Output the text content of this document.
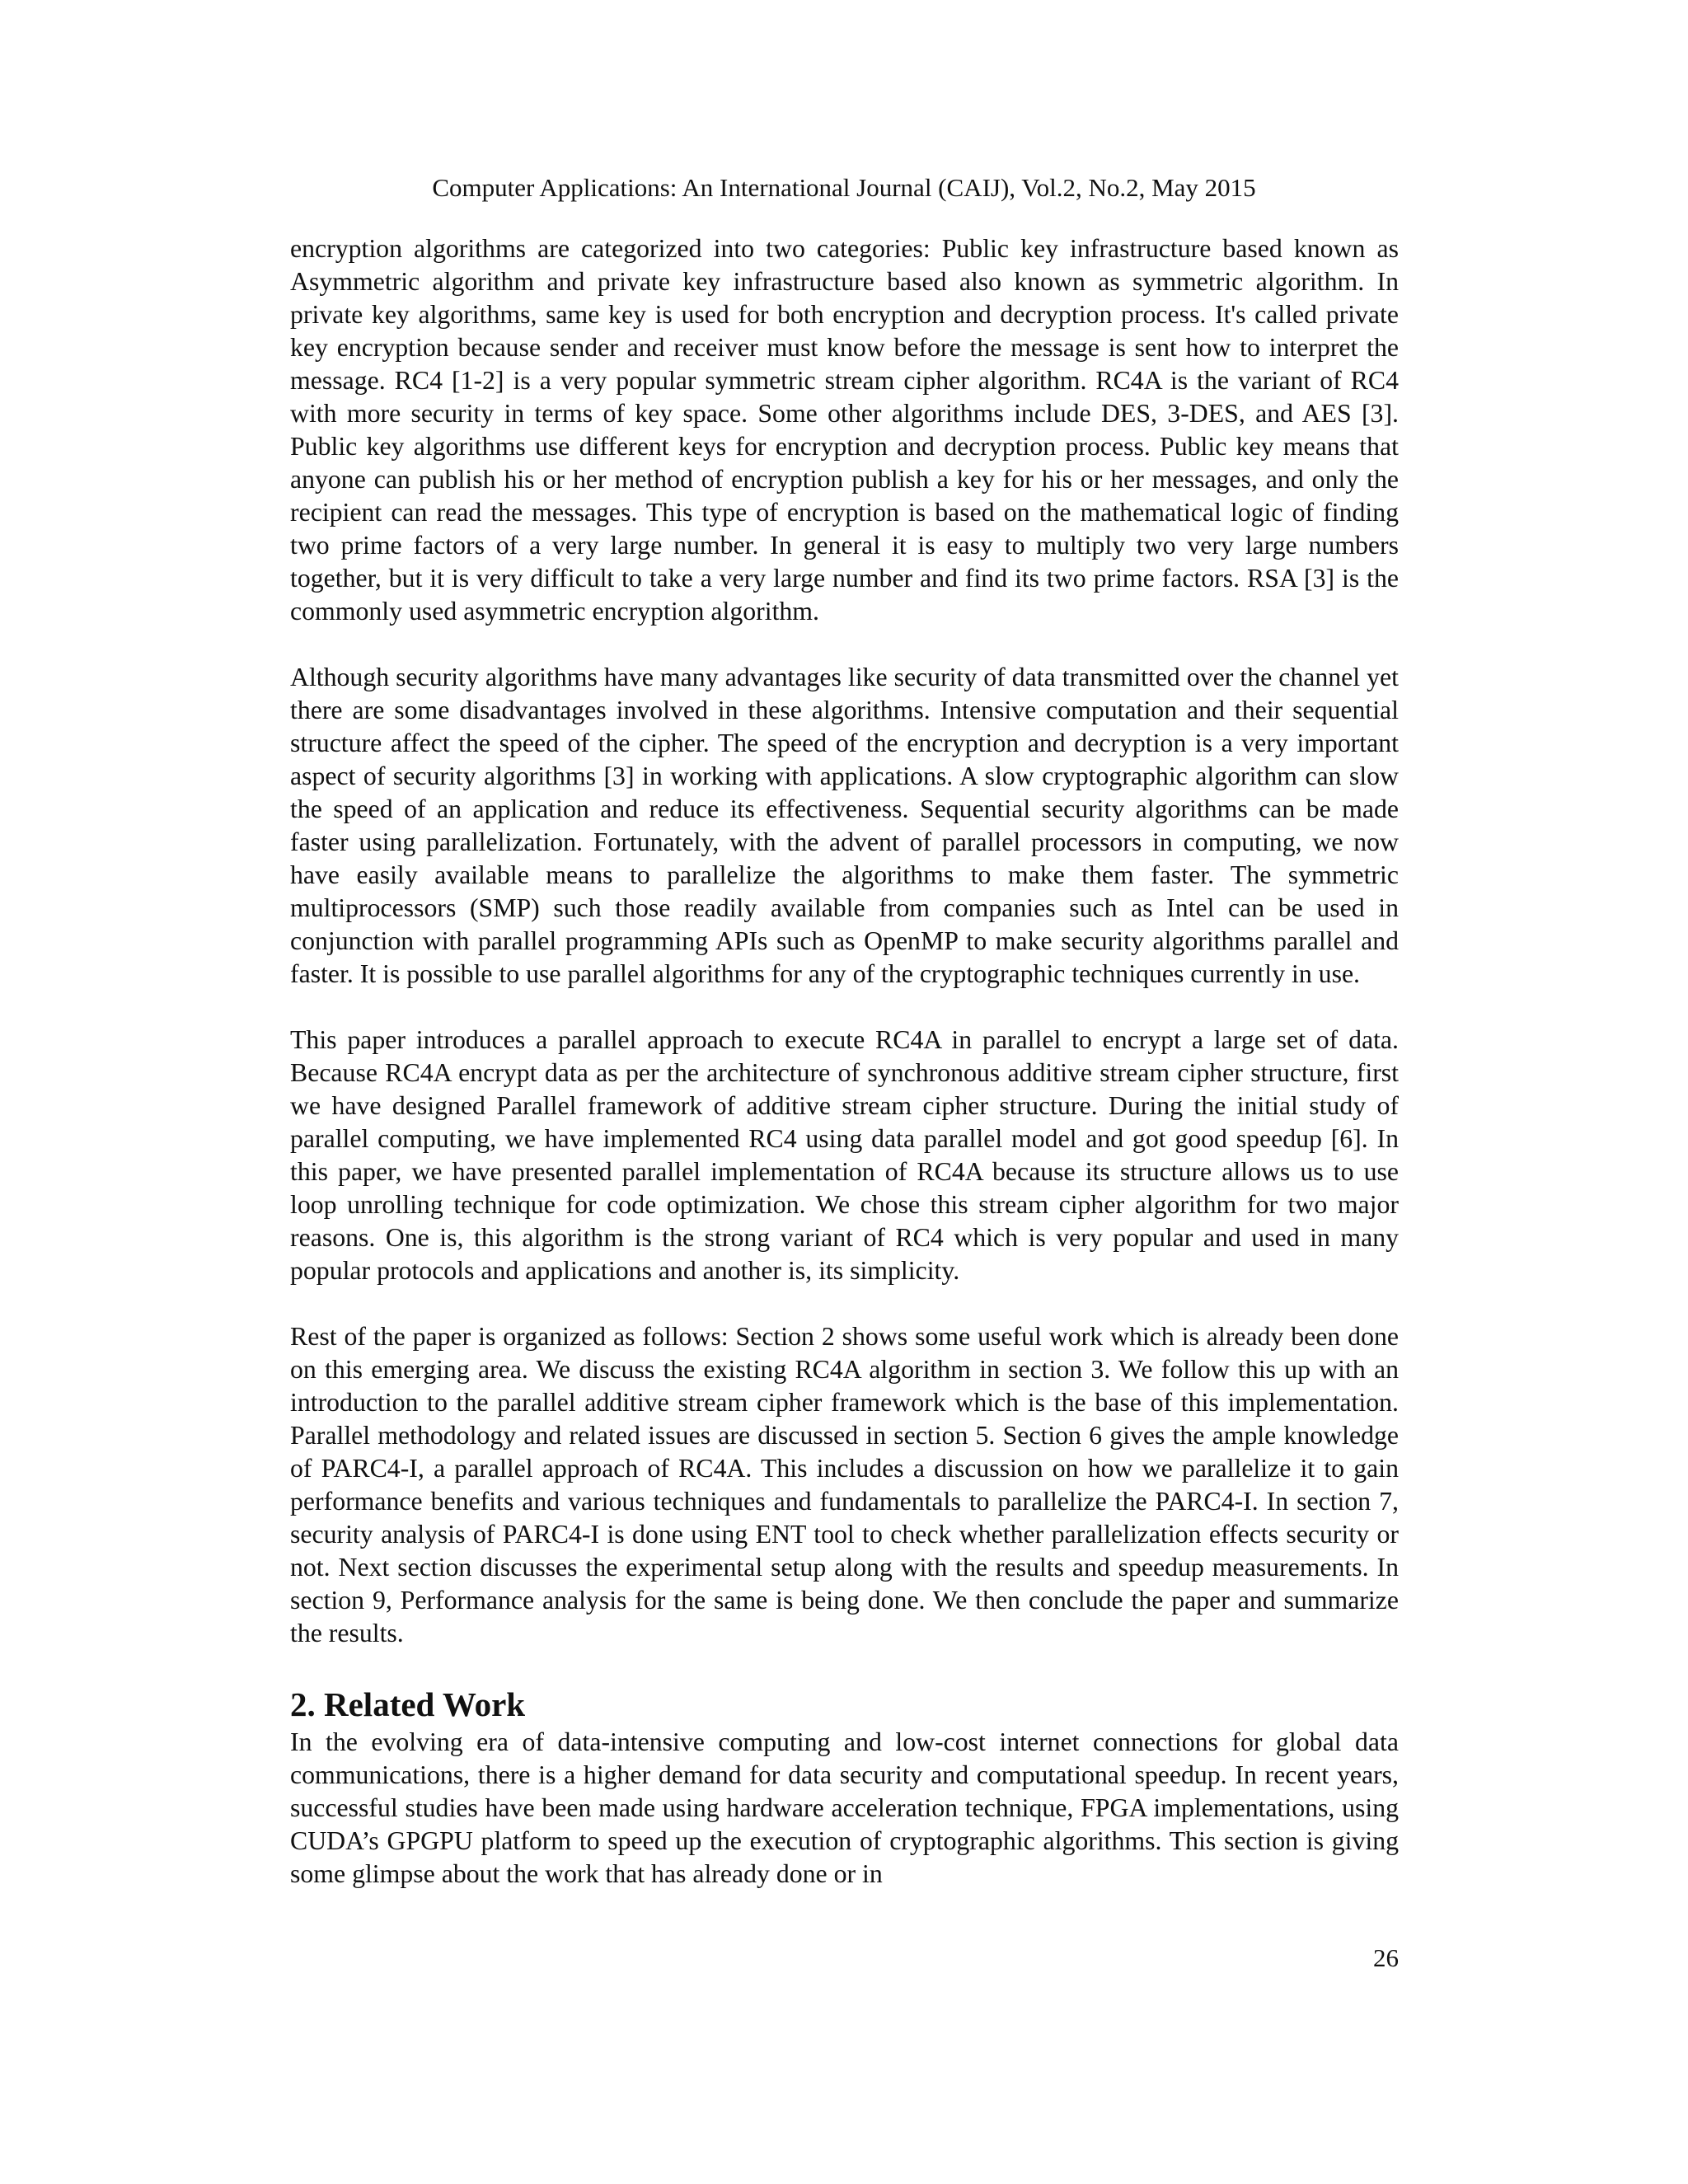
Computer Applications: An International Journal (CAIJ), Vol.2, No.2, May 2015

encryption algorithms are categorized into two categories: Public key infrastructure based known as Asymmetric algorithm and private key infrastructure based also known as symmetric algorithm. In private key algorithms, same key is used for both encryption and decryption process. It's called private key encryption because sender and receiver must know before the message is sent how to interpret the message. RC4 [1-2] is a very popular symmetric stream cipher algorithm. RC4A is the variant of RC4 with more security in terms of key space. Some other algorithms include DES, 3-DES, and AES [3]. Public key algorithms use different keys for encryption and decryption process. Public key means that anyone can publish his or her method of encryption publish a key for his or her messages, and only the recipient can read the messages. This type of encryption is based on the mathematical logic of finding two prime factors of a very large number. In general it is easy to multiply two very large numbers together, but it is very difficult to take a very large number and find its two prime factors. RSA [3] is the commonly used asymmetric encryption algorithm.

Although security algorithms have many advantages like security of data transmitted over the channel yet there are some disadvantages involved in these algorithms. Intensive computation and their sequential structure affect the speed of the cipher. The speed of the encryption and decryption is a very important aspect of security algorithms [3] in working with applications. A slow cryptographic algorithm can slow the speed of an application and reduce its effectiveness. Sequential security algorithms can be made faster using parallelization. Fortunately, with the advent of parallel processors in computing, we now have easily available means to parallelize the algorithms to make them faster. The symmetric multiprocessors (SMP) such those readily available from companies such as Intel can be used in conjunction with parallel programming APIs such as OpenMP to make security algorithms parallel and faster. It is possible to use parallel algorithms for any of the cryptographic techniques currently in use.

This paper introduces a parallel approach to execute RC4A in parallel to encrypt a large set of data. Because RC4A encrypt data as per the architecture of synchronous additive stream cipher structure, first we have designed Parallel framework of additive stream cipher structure. During the initial study of parallel computing, we have implemented RC4 using data parallel model and got good speedup [6]. In this paper, we have presented parallel implementation of RC4A because its structure allows us to use loop unrolling technique for code optimization. We chose this stream cipher algorithm for two major reasons. One is, this algorithm is the strong variant of RC4 which is very popular and used in many popular protocols and applications and another is, its simplicity.

Rest of the paper is organized as follows: Section 2 shows some useful work which is already been done on this emerging area. We discuss the existing RC4A algorithm in section 3. We follow this up with an introduction to the parallel additive stream cipher framework which is the base of this implementation. Parallel methodology and related issues are discussed in section 5. Section 6 gives the ample knowledge of PARC4-I, a parallel approach of RC4A. This includes a discussion on how we parallelize it to gain performance benefits and various techniques and fundamentals to parallelize the PARC4-I. In section 7, security analysis of PARC4-I is done using ENT tool to check whether parallelization effects security or not. Next section discusses the experimental setup along with the results and speedup measurements. In section 9, Performance analysis for the same is being done. We then conclude the paper and summarize the results.

2. Related Work

In the evolving era of data-intensive computing and low-cost internet connections for global data communications, there is a higher demand for data security and computational speedup. In recent years, successful studies have been made using hardware acceleration technique, FPGA implementations, using CUDA’s GPGPU platform to speed up the execution of cryptographic algorithms. This section is giving some glimpse about the work that has already done or in

26
